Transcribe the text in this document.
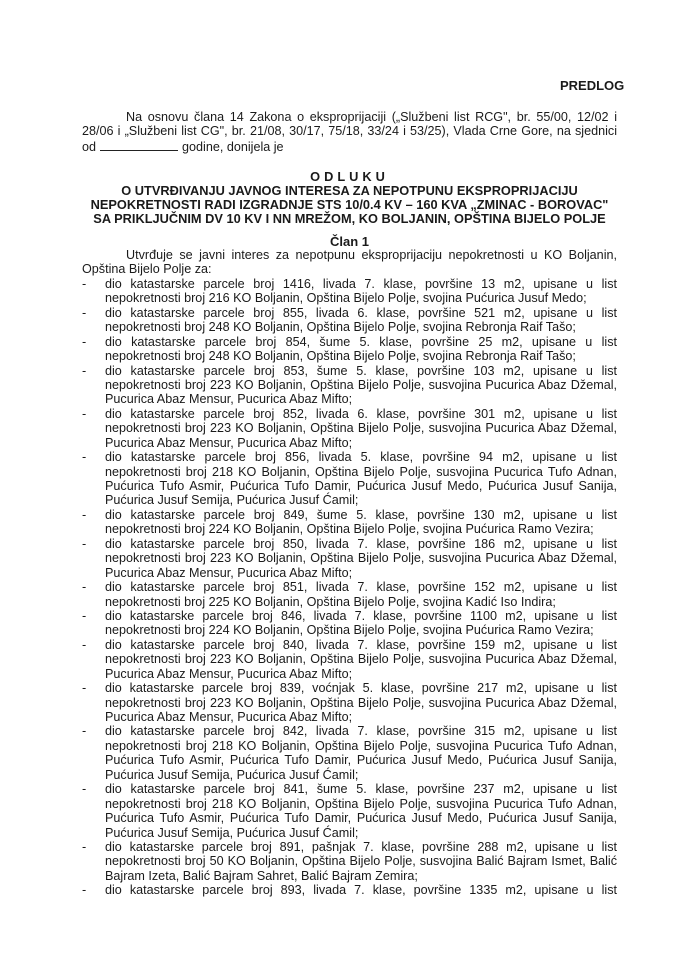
PREDLOG
Na osnovu člana 14 Zakona o eksproprijaciji („Službeni list RCG", br. 55/00, 12/02 i
28/06 i „Službeni list CG", br. 21/08, 30/17, 75/18, 33/24 i 53/25), Vlada Crne Gore, na sjednici
od	godine, donijela je
ODLUKU
O UTVRĐIVANJU JAVNOG INTERESA ZA NEPOTPUNU EKSPROPRIJACIJU
NEPOKRETNOSTI RADI IZGRADNJE STS 10/0.4 KV – 160 KVA „ZMINAC - BOROVAC"
SA PRIKLJUČNIM DV 10 KV I NN MREŽOM, KO BOLJANIN, OPŠTINA BIJELO POLJE
Član 1
Utvrđuje se javni interes za nepotpunu eksproprijaciju nepokretnosti u KO Boljanin,
Opština Bijelo Polje za:
- dio katastarske parcele broj 1416, livada 7. klase, površine 13 m2, upisane u list
nepokretnosti broj 216 KO Boljanin, Opština Bijelo Polje, svojina Pućurica Jusuf Medo;
- dio katastarske parcele broj 855, livada 6. klase, površine 521 m2, upisane u list
nepokretnosti broj 248 KO Boljanin, Opština Bijelo Polje, svojina Rebronja Raif Tašo;
- dio katastarske parcele broj 854, šume 5. klase, površine 25 m2, upisane u list
nepokretnosti broj 248 KO Boljanin, Opština Bijelo Polje, svojina Rebronja Raif Tašo;
- dio katastarske parcele broj 853, šume 5. klase, površine 103 m2, upisane u list
nepokretnosti broj 223 KO Boljanin, Opština Bijelo Polje, susvojina Pucurica Abaz Džemal,
Pucurica Abaz Mensur, Pucurica Abaz Mifto;
- dio katastarske parcele broj 852, livada 6. klase, površine 301 m2, upisane u list
nepokretnosti broj 223 KO Boljanin, Opština Bijelo Polje, susvojina Pucurica Abaz Džemal,
Pucurica Abaz Mensur, Pucurica Abaz Mifto;
- dio katastarske parcele broj 856, livada 5. klase, površine 94 m2, upisane u list
nepokretnosti broj 218 KO Boljanin, Opština Bijelo Polje, susvojina Pucurica Tufo Adnan,
Pućurica Tufo Asmir, Pućurica Tufo Damir, Pućurica Jusuf Medo, Pućurica Jusuf Sanija,
Pućurica Jusuf Semija, Pućurica Jusuf Ćamil;
- dio katastarske parcele broj 849, šume 5. klase, površine 130 m2, upisane u list
nepokretnosti broj 224 KO Boljanin, Opština Bijelo Polje, svojina Pućurica Ramo Vezira;
- dio katastarske parcele broj 850, livada 7. klase, površine 186 m2, upisane u list
nepokretnosti broj 223 KO Boljanin, Opština Bijelo Polje, susvojina Pucurica Abaz Džemal,
Pucurica Abaz Mensur, Pucurica Abaz Mifto;
- dio katastarske parcele broj 851, livada 7. klase, površine 152 m2, upisane u list
nepokretnosti broj 225 KO Boljanin, Opština Bijelo Polje, svojina Kadić Iso Indira;
- dio katastarske parcele broj 846, livada 7. klase, površine 1100 m2, upisane u list
nepokretnosti broj 224 KO Boljanin, Opština Bijelo Polje, svojina Pućurica Ramo Vezira;
- dio katastarske parcele broj 840, livada 7. klase, površine 159 m2, upisane u list
nepokretnosti broj 223 KO Boljanin, Opština Bijelo Polje, susvojina Pucurica Abaz Džemal,
Pucurica Abaz Mensur, Pucurica Abaz Mifto;
- dio katastarske parcele broj 839, voćnjak 5. klase, površine 217 m2, upisane u list
nepokretnosti broj 223 KO Boljanin, Opština Bijelo Polje, susvojina Pucurica Abaz Džemal,
Pucurica Abaz Mensur, Pucurica Abaz Mifto;
- dio katastarske parcele broj 842, livada 7. klase, površine 315 m2, upisane u list
nepokretnosti broj 218 KO Boljanin, Opština Bijelo Polje, susvojina Pucurica Tufo Adnan,
Pućurica Tufo Asmir, Pućurica Tufo Damir, Pućurica Jusuf Medo, Pućurica Jusuf Sanija,
Pućurica Jusuf Semija, Pućurica Jusuf Ćamil;
- dio katastarske parcele broj 841, šume 5. klase, površine 237 m2, upisane u list
nepokretnosti broj 218 KO Boljanin, Opština Bijelo Polje, susvojina Pucurica Tufo Adnan,
Pućurica Tufo Asmir, Pućurica Tufo Damir, Pućurica Jusuf Medo, Pućurica Jusuf Sanija,
Pućurica Jusuf Semija, Pućurica Jusuf Ćamil;
- dio katastarske parcele broj 891, pašnjak 7. klase, površine 288 m2, upisane u list
nepokretnosti broj 50 KO Boljanin, Opština Bijelo Polje, susvojina Balić Bajram Ismet, Balić
Bajram Izeta, Balić Bajram Sahret, Balić Bajram Zemira;
- dio katastarske parcele broj 893, livada 7. klase, površine 1335 m2, upisane u list
